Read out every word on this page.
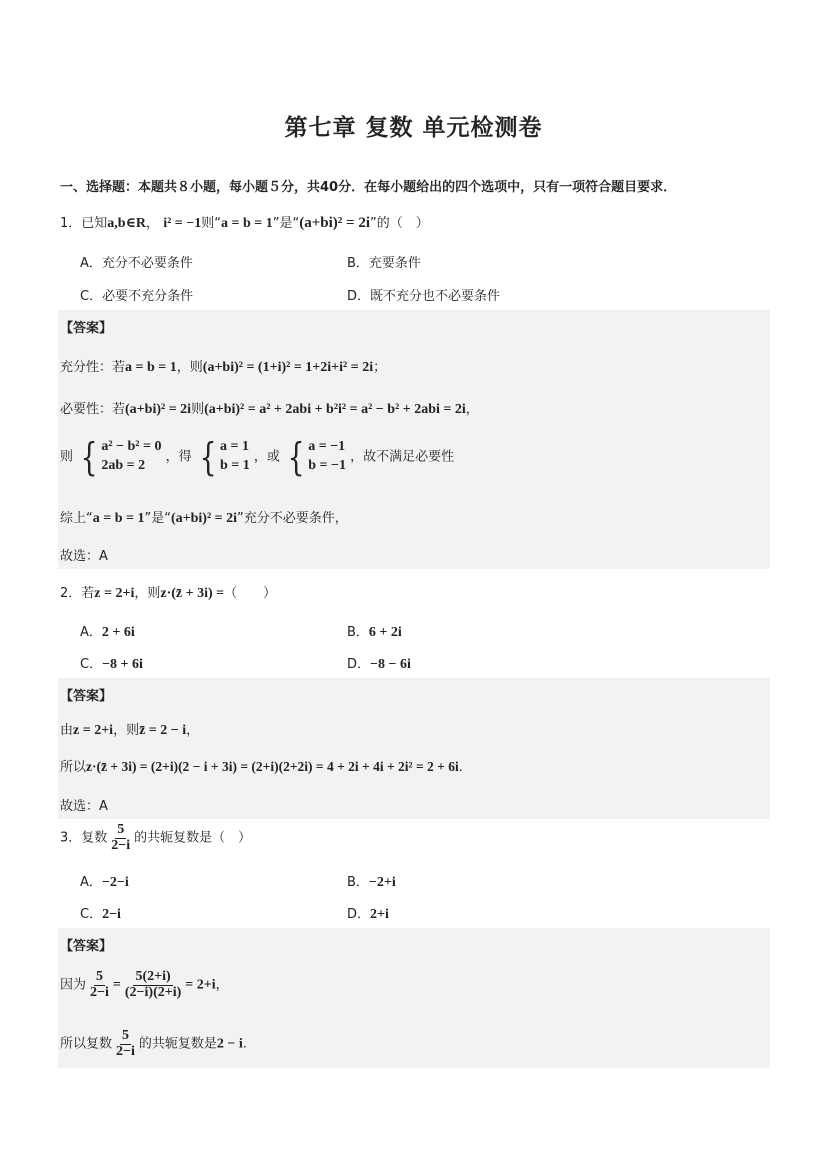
第七章 复数 单元检测卷
一、选择题：本题共８小题，每小题５分，共40分．在每小题给出的四个选项中，只有一项符合题目要求．
1．已知a,b∈R， i² = −1则“a = b = 1”是“(a+bi)² = 2i”的（　）
A．充分不必要条件	B．充要条件
C．必要不充分条件	D．既不充分也不必要条件
【答案】
充分性：若a = b = 1，则(a+bi)² = (1+i)² = 1+2i+i² = 2i；
必要性：若(a+bi)² = 2i则(a+bi)² = a² + 2abi + b²i² = a² − b² + 2abi = 2i，
则 { a² − b² = 0
2ab = 2
，得 { a = 1
b = 1
，或 { a = −1
b = −1
，故不满足必要性
综上“a = b = 1”是“(a+bi)² = 2i”充分不必要条件，
故选：A
2．若z = 2+i，则z·(z̄ + 3i) =（　　）
A．2 + 6i	B．6 + 2i
C．−8 + 6i	D．−8 − 6i
【答案】
由z = 2+i，则z̄ = 2 − i，
所以z·(z̄ + 3i) = (2+i)(2 − i + 3i) = (2+i)(2+2i) = 4 + 2i + 4i + 2i² = 2 + 6i.
故选：A
3．复数 $\frac{5}{2-i}$ 的共轭复数是（　）
A．−2−i	B．−2+i
C．2−i	D．2+i
【答案】
因为 $\frac{5}{2-i} = \frac{5(2+i)}{(2-i)(2+i)} = 2+i$，
所以复数 $\frac{5}{2-i}$ 的共轭复数是2 − i.
